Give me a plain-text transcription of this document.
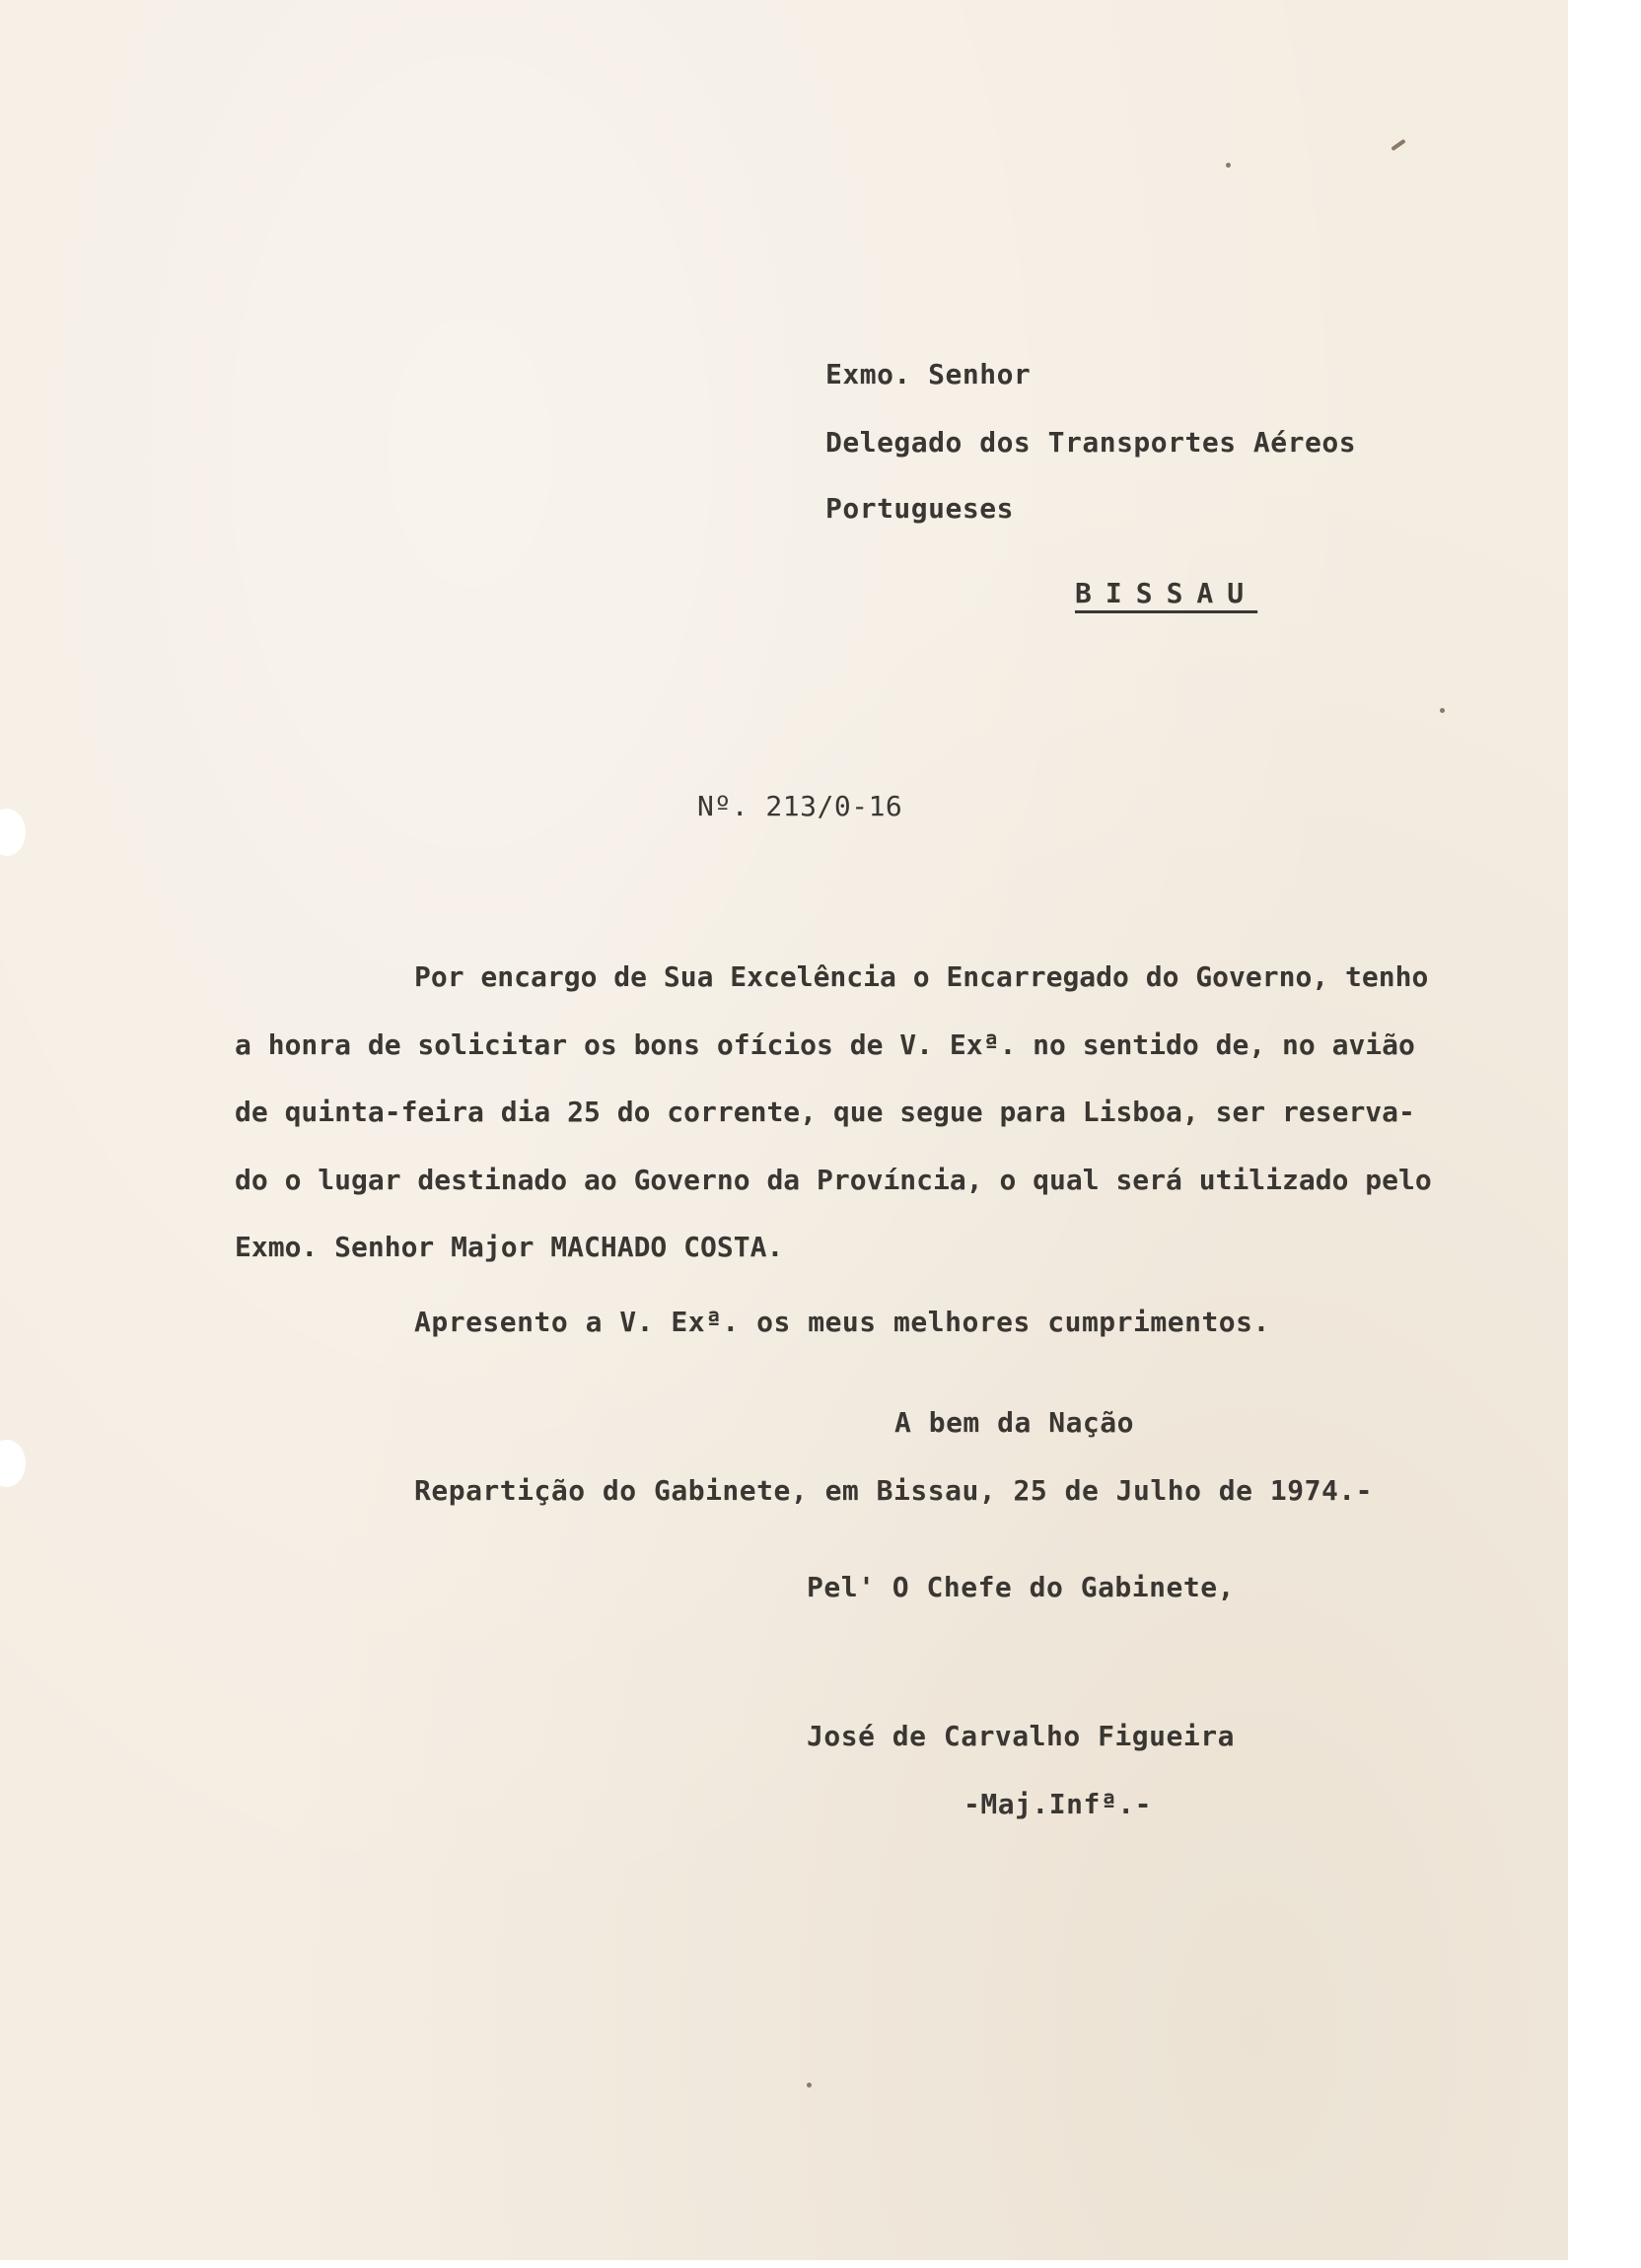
Exmo. Senhor
Delegado dos Transportes Aéreos
Portugueses
BISSAU
Nº. 213/0-16
Por encargo de Sua Excelência o Encarregado do Governo, tenho
a honra de solicitar os bons ofícios de V. Exª. no sentido de, no avião
de quinta-feira dia 25 do corrente, que segue para Lisboa, ser reserva-
do o lugar destinado ao Governo da Província, o qual será utilizado pelo
Exmo. Senhor Major MACHADO COSTA.
Apresento a V. Exª. os meus melhores cumprimentos.
A bem da Nação
Repartição do Gabinete, em Bissau, 25 de Julho de 1974.-
Pel' O Chefe do Gabinete,
José de Carvalho Figueira
-Maj.Infª.-
